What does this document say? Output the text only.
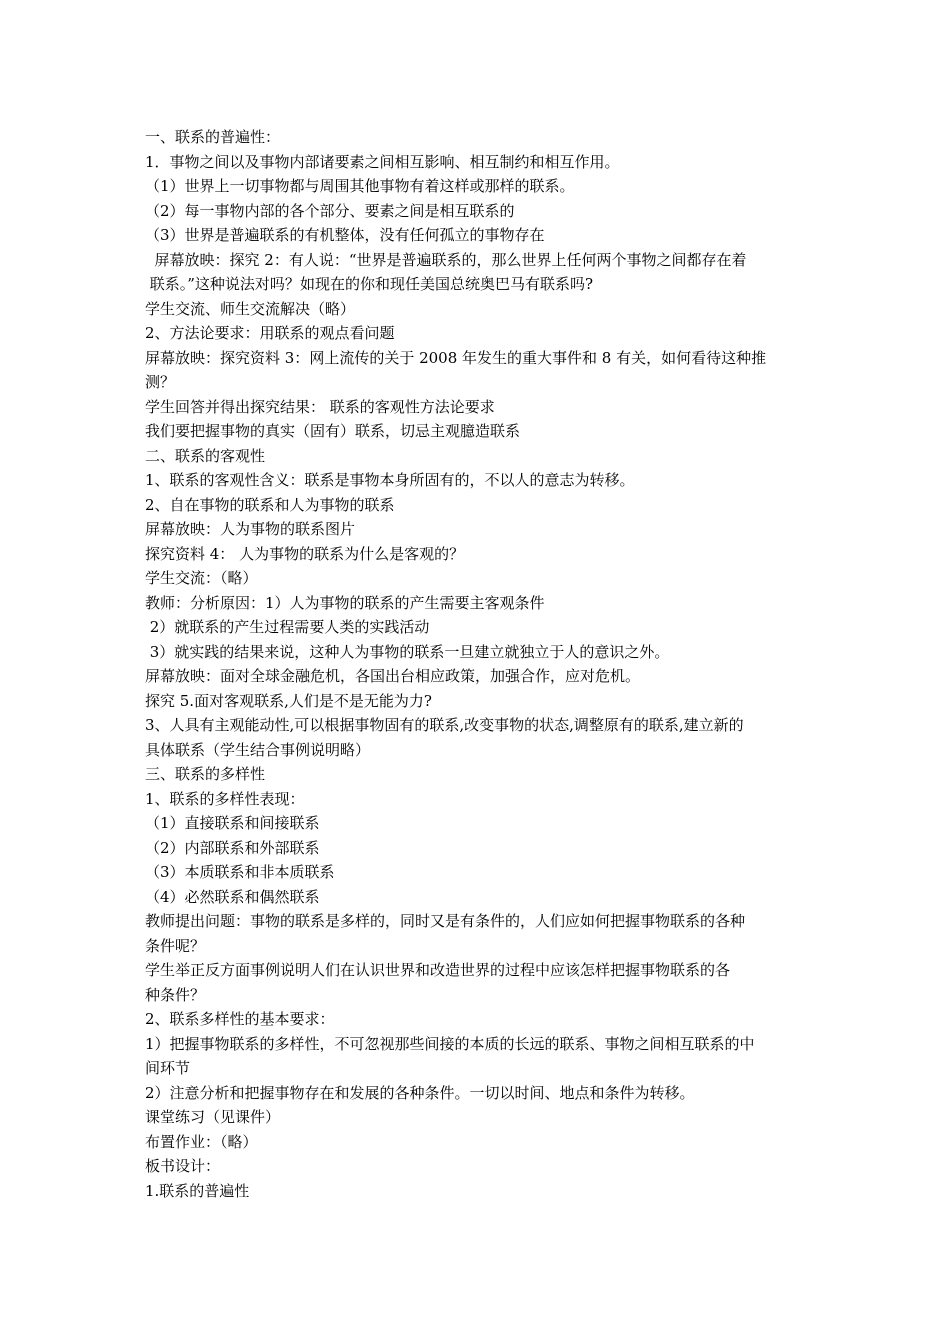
一、联系的普遍性：

1．事物之间以及事物内部诸要素之间相互影响、相互制约和相互作用。

（1）世界上一切事物都与周围其他事物有着这样或那样的联系。

（2）每一事物内部的各个部分、要素之间是相互联系的

（3）世界是普遍联系的有机整体，没有任何孤立的事物存在

屏幕放映：探究 2：有人说：“世界是普遍联系的，那么世界上任何两个事物之间都存在着

联系。”这种说法对吗？如现在的你和现任美国总统奥巴马有联系吗?

学生交流、师生交流解决（略）

2、方法论要求：用联系的观点看问题

屏幕放映：探究资料 3：网上流传的关于 2008 年发生的重大事件和 8 有关，如何看待这种推

测？

学生回答并得出探究结果： 联系的客观性方法论要求

我们要把握事物的真实（固有）联系，切忌主观臆造联系

二、联系的客观性

1、联系的客观性含义：联系是事物本身所固有的，不以人的意志为转移。

2、自在事物的联系和人为事物的联系

屏幕放映：人为事物的联系图片

探究资料 4： 人为事物的联系为什么是客观的？

学生交流：（略）

教师：分析原因：1）人为事物的联系的产生需要主客观条件

2）就联系的产生过程需要人类的实践活动

3）就实践的结果来说，这种人为事物的联系一旦建立就独立于人的意识之外。

屏幕放映：面对全球金融危机，各国出台相应政策，加强合作，应对危机。

探究 5.面对客观联系,人们是不是无能为力?

3、人具有主观能动性,可以根据事物固有的联系,改变事物的状态,调整原有的联系,建立新的

具体联系（学生结合事例说明略）

三、联系的多样性

1、联系的多样性表现：

（1）直接联系和间接联系

（2）内部联系和外部联系

（3）本质联系和非本质联系

（4）必然联系和偶然联系

教师提出问题：事物的联系是多样的，同时又是有条件的，人们应如何把握事物联系的各种

条件呢？

学生举正反方面事例说明人们在认识世界和改造世界的过程中应该怎样把握事物联系的各

种条件？

2、联系多样性的基本要求：

1）把握事物联系的多样性，不可忽视那些间接的本质的长远的联系、事物之间相互联系的中

间环节

2）注意分析和把握事物存在和发展的各种条件。一切以时间、地点和条件为转移。

课堂练习（见课件）

布置作业：（略）

板书设计：

1.联系的普遍性
